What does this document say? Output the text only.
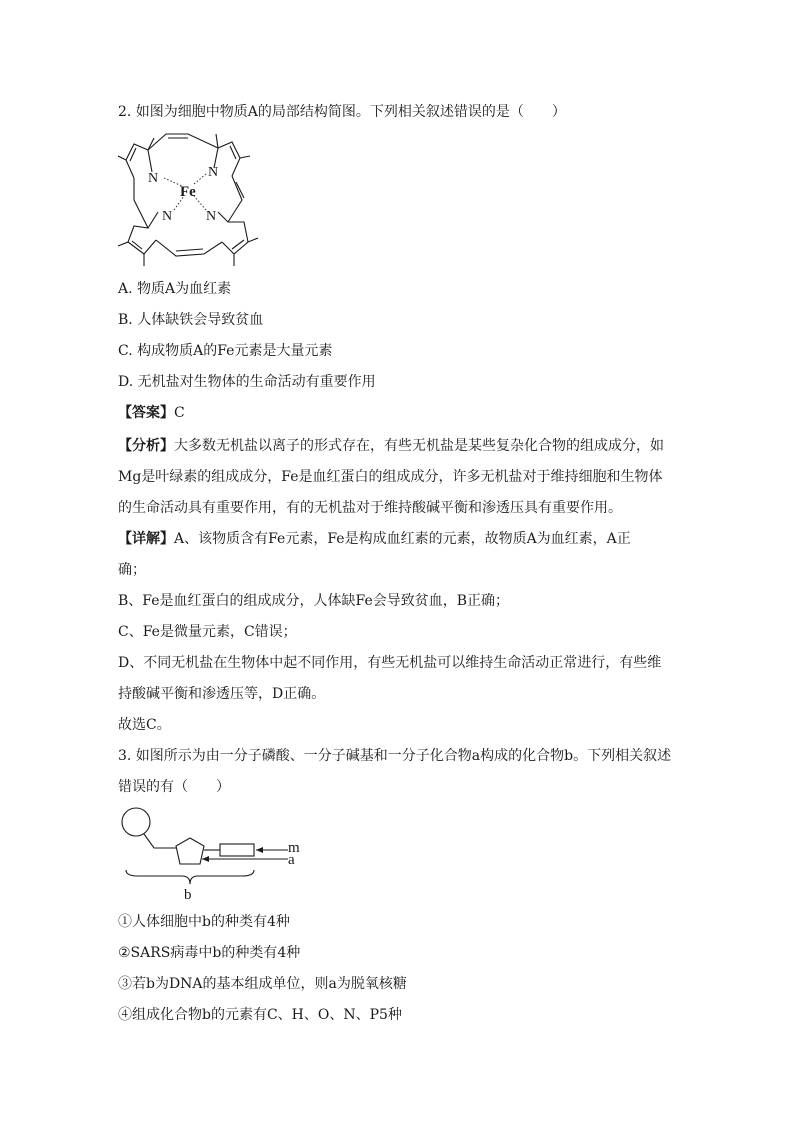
2. 如图为细胞中物质A的局部结构简图。下列相关叙述错误的是（　　）
N	N
N N
Fe
A. 物质A为血红素
B. 人体缺铁会导致贫血
C. 构成物质A的Fe元素是大量元素
D. 无机盐对生物体的生命活动有重要作用
【答案】C
【分析】大多数无机盐以离子的形式存在，有些无机盐是某些复杂化合物的组成成分，如
Mg是叶绿素的组成成分，Fe是血红蛋白的组成成分，许多无机盐对于维持细胞和生物体
的生命活动具有重要作用，有的无机盐对于维持酸碱平衡和渗透压具有重要作用。
【详解】A、该物质含有Fe元素，Fe是构成血红素的元素，故物质A为血红素，A正
确；
B、Fe是血红蛋白的组成成分，人体缺Fe会导致贫血，B正确；
C、Fe是微量元素，C错误；
D、不同无机盐在生物体中起不同作用，有些无机盐可以维持生命活动正常进行，有些维
持酸碱平衡和渗透压等，D正确。
故选C。
3. 如图所示为由一分子磷酸、一分子碱基和一分子化合物a构成的化合物b。下列相关叙述
错误的有（　　）
m
a
b
①人体细胞中b的种类有4种
②SARS病毒中b的种类有4种
③若b为DNA的基本组成单位，则a为脱氧核糖
④组成化合物b的元素有C、H、O、N、P5种
